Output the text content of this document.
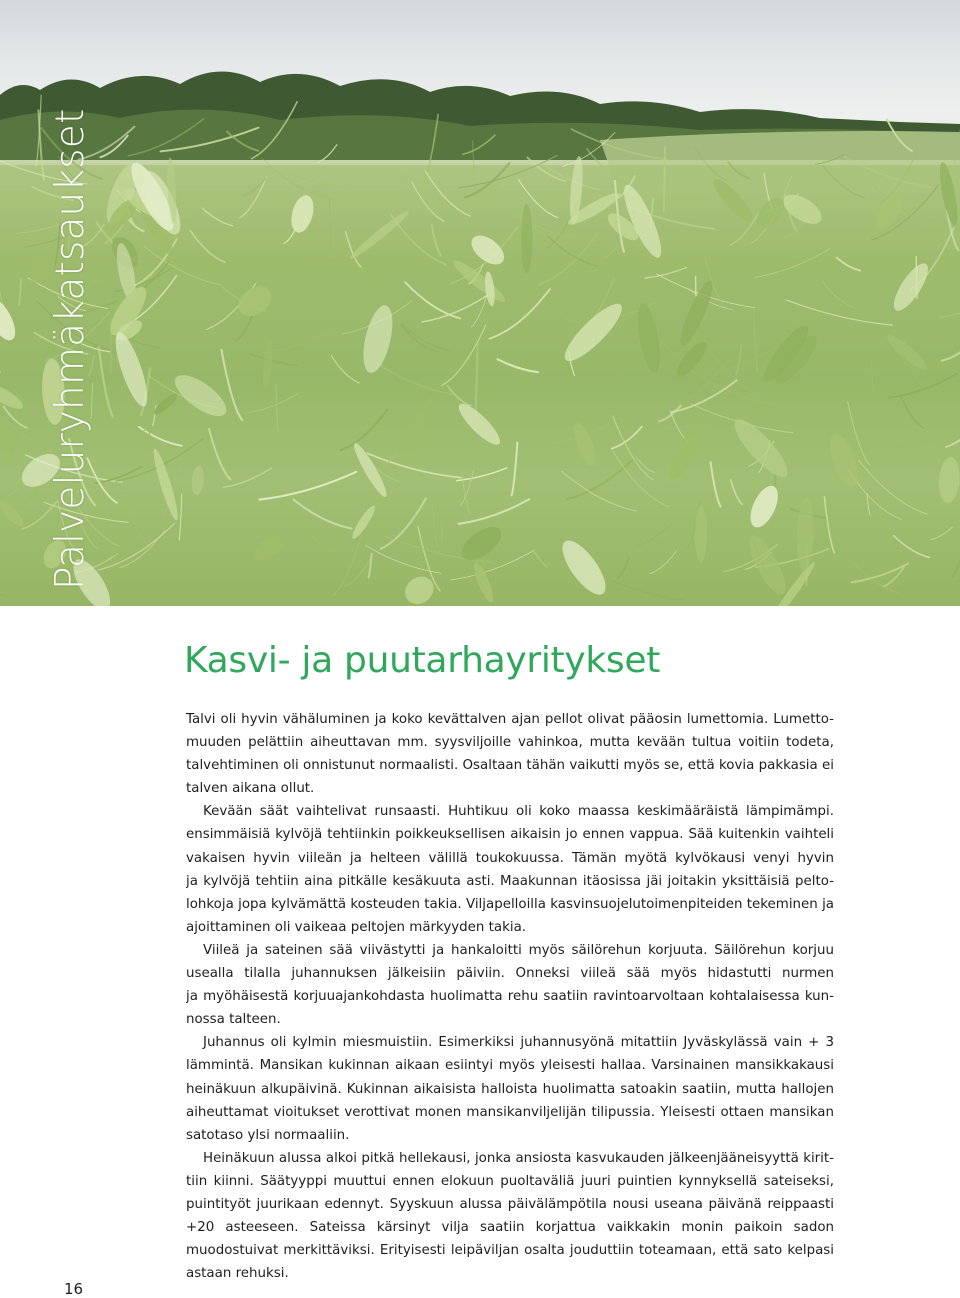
Palveluryhmäkatsaukset
Kasvi- ja puutarhayritykset
Talvi oli hyvin vähäluminen ja koko kevättalven ajan pellot olivat pääosin lumettomia. Lumetto-
muuden pelättiin aiheuttavan mm. syysviljoille vahinkoa, mutta kevään tultua voitiin todeta,
talvehtiminen oli onnistunut normaalisti. Osaltaan tähän vaikutti myös se, että kovia pakkasia ei
talven aikana ollut.
Kevään säät vaihtelivat runsaasti. Huhtikuu oli koko maassa keskimääräistä lämpimämpi.
ensimmäisiä kylvöjä tehtiinkin poikkeuksellisen aikaisin jo ennen vappua. Sää kuitenkin vaihteli
vakaisen hyvin viileän ja helteen välillä toukokuussa. Tämän myötä kylvökausi venyi hyvin
ja kylvöjä tehtiin aina pitkälle kesäkuuta asti. Maakunnan itäosissa jäi joitakin yksittäisiä pelto-
lohkoja jopa kylvämättä kosteuden takia. Viljapelloilla kasvinsuojelutoimenpiteiden tekeminen ja
ajoittaminen oli vaikeaa peltojen märkyyden takia.
Viileä ja sateinen sää viivästytti ja hankaloitti myös säilörehun korjuuta. Säilörehun korjuu
usealla tilalla juhannuksen jälkeisiin päiviin. Onneksi viileä sää myös hidastutti nurmen
ja myöhäisestä korjuuajankohdasta huolimatta rehu saatiin ravintoarvoltaan kohtalaisessa kun-
nossa talteen.
Juhannus oli kylmin miesmuistiin. Esimerkiksi juhannusyönä mitattiin Jyväskylässä vain + 3
lämmintä. Mansikan kukinnan aikaan esiintyi myös yleisesti hallaa. Varsinainen mansikkakausi
heinäkuun alkupäivinä. Kukinnan aikaisista halloista huolimatta satoakin saatiin, mutta hallojen
aiheuttamat vioitukset verottivat monen mansikanviljelijän tilipussia. Yleisesti ottaen mansikan
satotaso ylsi normaaliin.
Heinäkuun alussa alkoi pitkä hellekausi, jonka ansiosta kasvukauden jälkeenjääneisyyttä kirit-
tiin kiinni. Säätyyppi muuttui ennen elokuun puoltaväliä juuri puintien kynnyksellä sateiseksi,
puintityöt juurikaan edennyt. Syyskuun alussa päivälämpötila nousi useana päivänä reippaasti
+20 asteeseen. Sateissa kärsinyt vilja saatiin korjattua vaikkakin monin paikoin sadon
muodostuivat merkittäviksi. Erityisesti leipäviljan osalta jouduttiin toteamaan, että sato kelpasi
astaan rehuksi.
16
